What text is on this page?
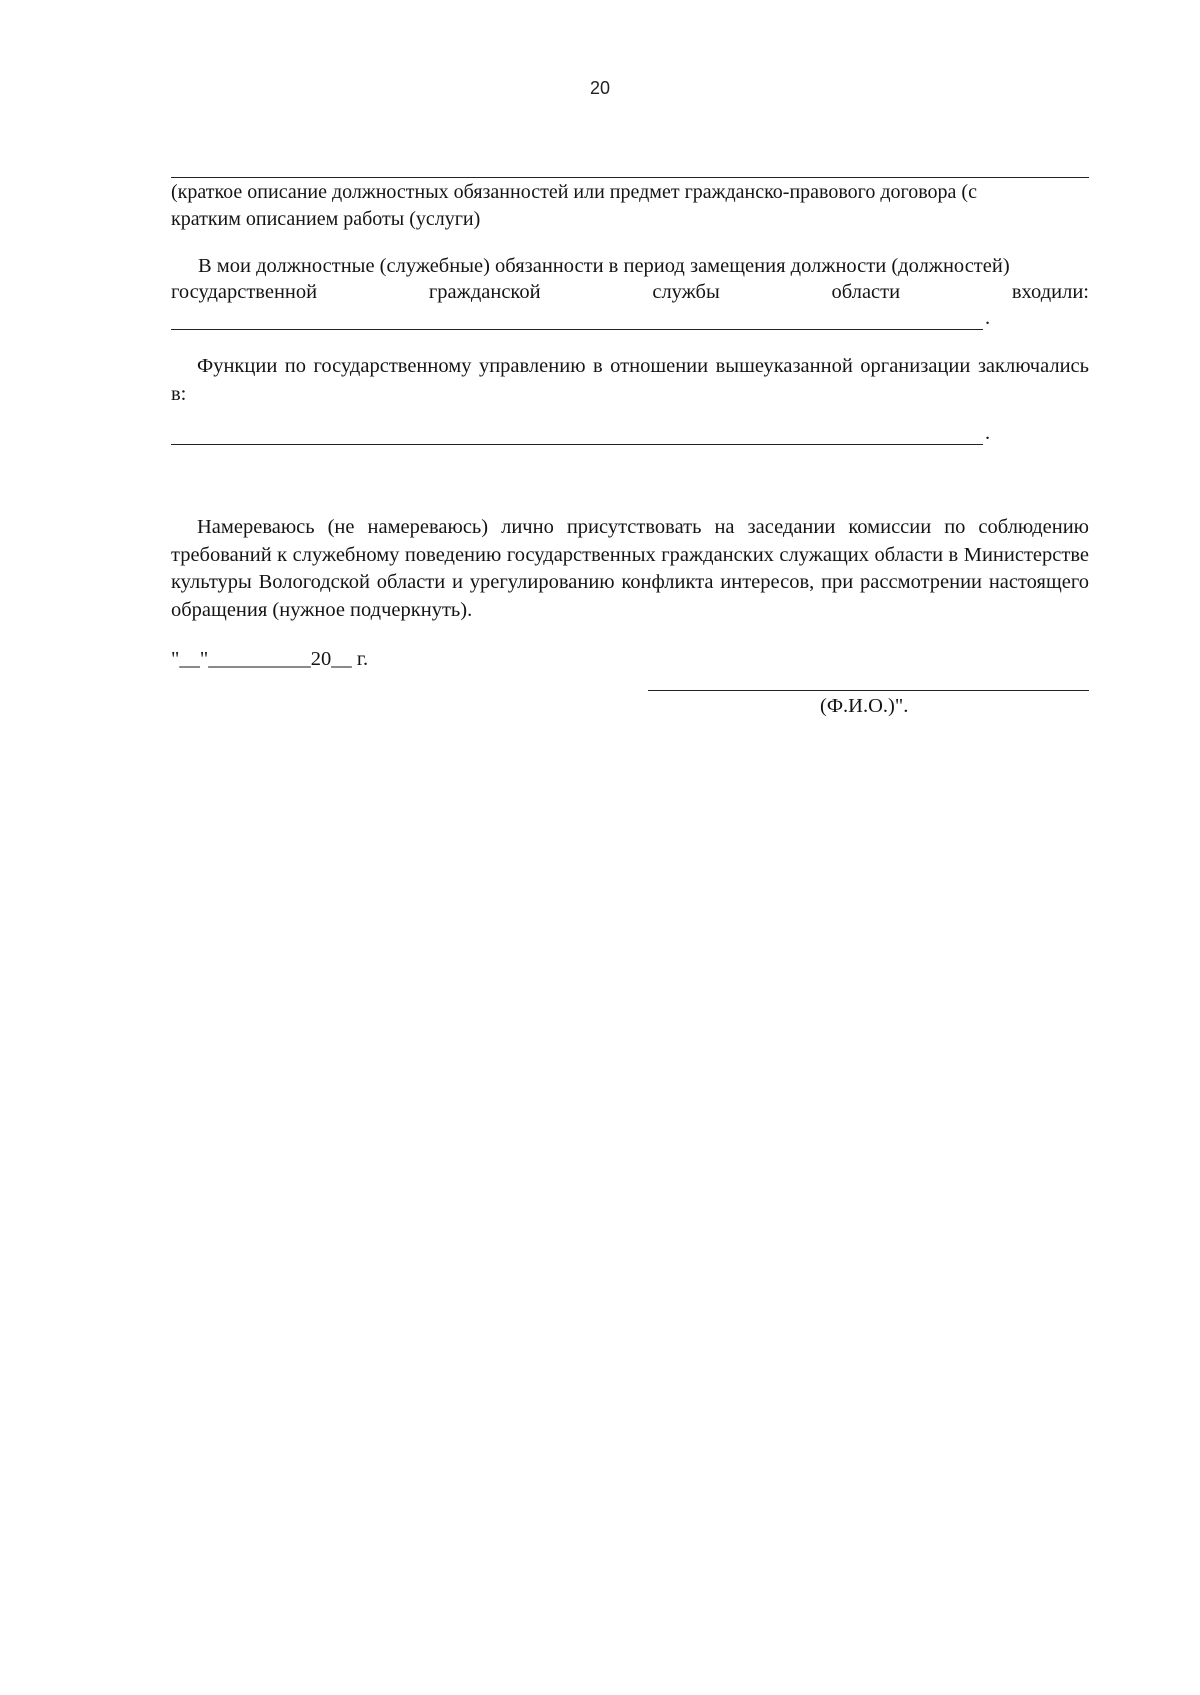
20
(краткое описание должностных обязанностей или предмет гражданско-правового договора (с
кратким описанием работы (услуги)
В мои должностные (служебные) обязанности в период замещения должности (должностей)
государственной гражданской службы области входили:
.
Функции по государственному управлению в отношении вышеуказанной организации заключались в:
.
Намереваюсь (не намереваюсь) лично присутствовать на заседании комиссии по соблюдению требований к служебному поведению государственных гражданских служащих области в Министерстве культуры Вологодской области и урегулированию конфликта интересов, при рассмотрении настоящего обращения (нужное подчеркнуть).
"__"__________20__ г.
(Ф.И.О.)".
